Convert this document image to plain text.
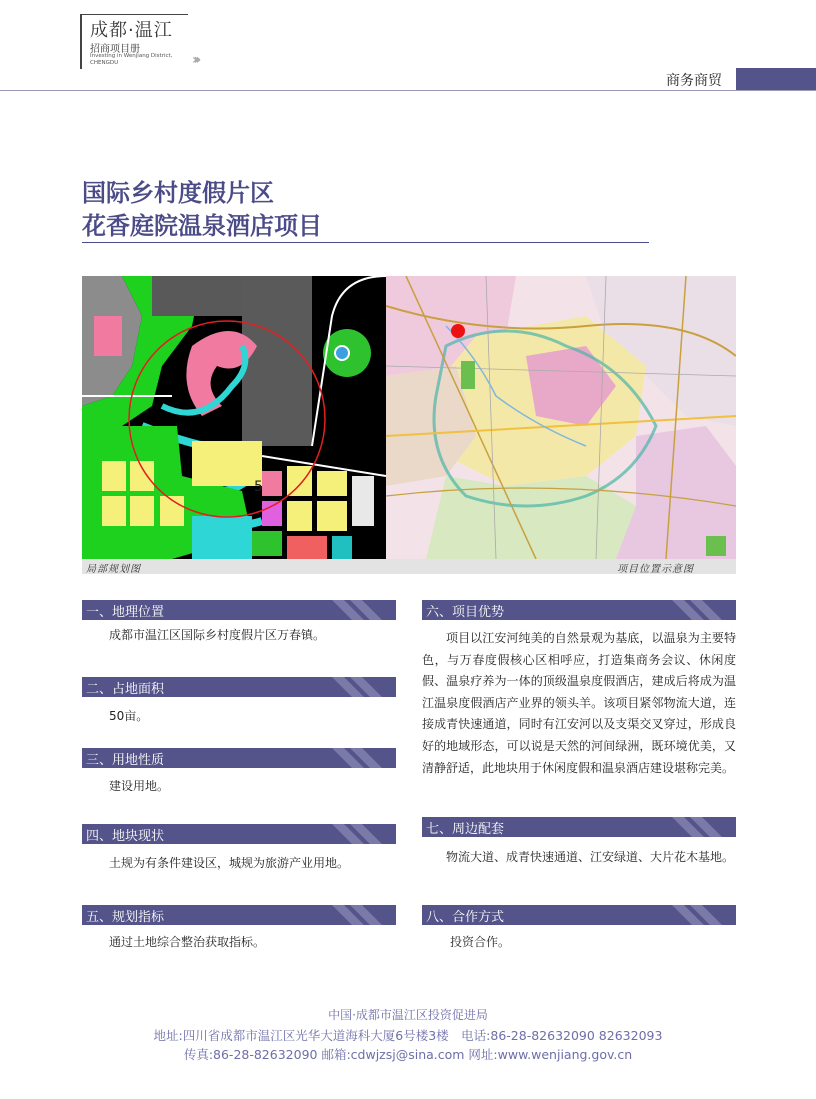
成都·温江
招商项目册
Investing in Wenjiang District, CHENGDU	›››
商务商贸
国际乡村度假片区
花香庭院温泉酒店项目
5
局部规划图	项目位置示意图
一、地理位置
成都市温江区国际乡村度假片区万春镇。
二、占地面积
50亩。
三、用地性质
建设用地。
四、地块现状
土规为有条件建设区，城规为旅游产业用地。
五、规划指标
通过土地综合整治获取指标。
六、项目优势
项目以江安河纯美的自然景观为基底，以温泉为主要特色，与万春度假核心区相呼应，打造集商务会议、休闲度假、温泉疗养为一体的顶级温泉度假酒店，建成后将成为温江温泉度假酒店产业界的领头羊。该项目紧邻物流大道，连接成青快速通道，同时有江安河以及支渠交叉穿过，形成良好的地域形态，可以说是天然的河间绿洲，既环境优美，又清静舒适，此地块用于休闲度假和温泉酒店建设堪称完美。
七、周边配套
物流大道、成青快速通道、江安绿道、大片花木基地。
八、合作方式
投资合作。
中国·成都市温江区投资促进局
地址:四川省成都市温江区光华大道海科大厦6号楼3楼　电话:86-28-82632090 82632093
传真:86-28-82632090 邮箱:cdwjzsj@sina.com 网址:www.wenjiang.gov.cn
